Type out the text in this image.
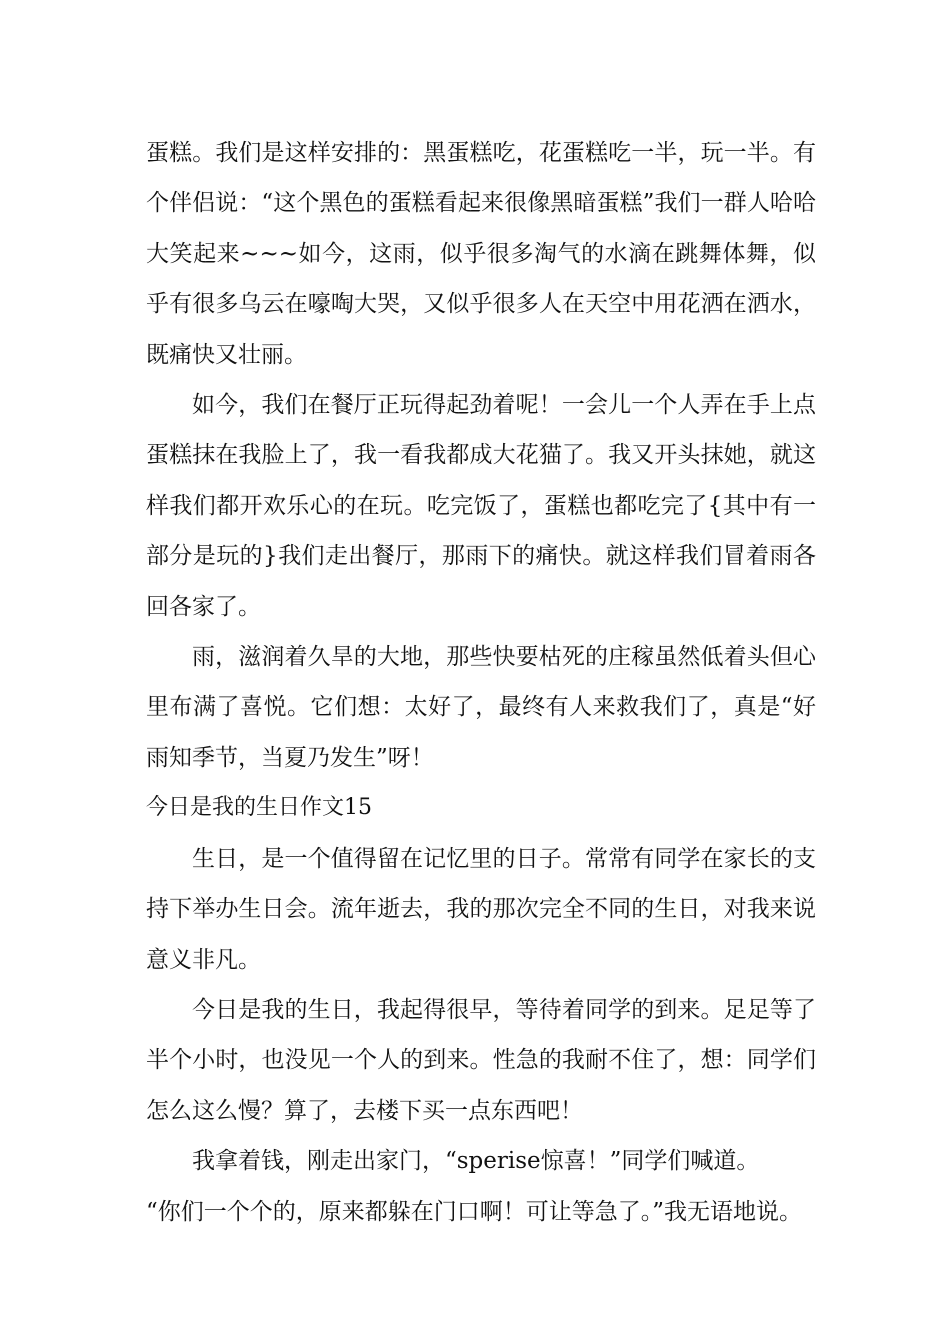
蛋糕。我们是这样安排的：黑蛋糕吃，花蛋糕吃一半，玩一半。有个伴侣说：“这个黑色的蛋糕看起来很像黑暗蛋糕”我们一群人哈哈大笑起来~~~如今，这雨，似乎很多淘气的水滴在跳舞体舞，似乎有很多乌云在嚎啕大哭，又似乎很多人在天空中用花洒在洒水，既痛快又壮丽。

如今，我们在餐厅正玩得起劲着呢！一会儿一个人弄在手上点蛋糕抹在我脸上了，我一看我都成大花猫了。我又开头抹她，就这样我们都开欢乐心的在玩。吃完饭了，蛋糕也都吃完了{其中有一部分是玩的}我们走出餐厅，那雨下的痛快。就这样我们冒着雨各回各家了。

雨，滋润着久旱的大地，那些快要枯死的庄稼虽然低着头但心里布满了喜悦。它们想：太好了，最终有人来救我们了，真是“好雨知季节，当夏乃发生”呀！

今日是我的生日作文15

生日，是一个值得留在记忆里的日子。常常有同学在家长的支持下举办生日会。流年逝去，我的那次完全不同的生日，对我来说意义非凡。

今日是我的生日，我起得很早，等待着同学的到来。足足等了半个小时，也没见一个人的到来。性急的我耐不住了，想：同学们怎么这么慢？算了，去楼下买一点东西吧！

我拿着钱，刚走出家门，“sperise惊喜！”同学们喊道。

“你们一个个的，原来都躲在门口啊！可让等急了。”我无语地说。
